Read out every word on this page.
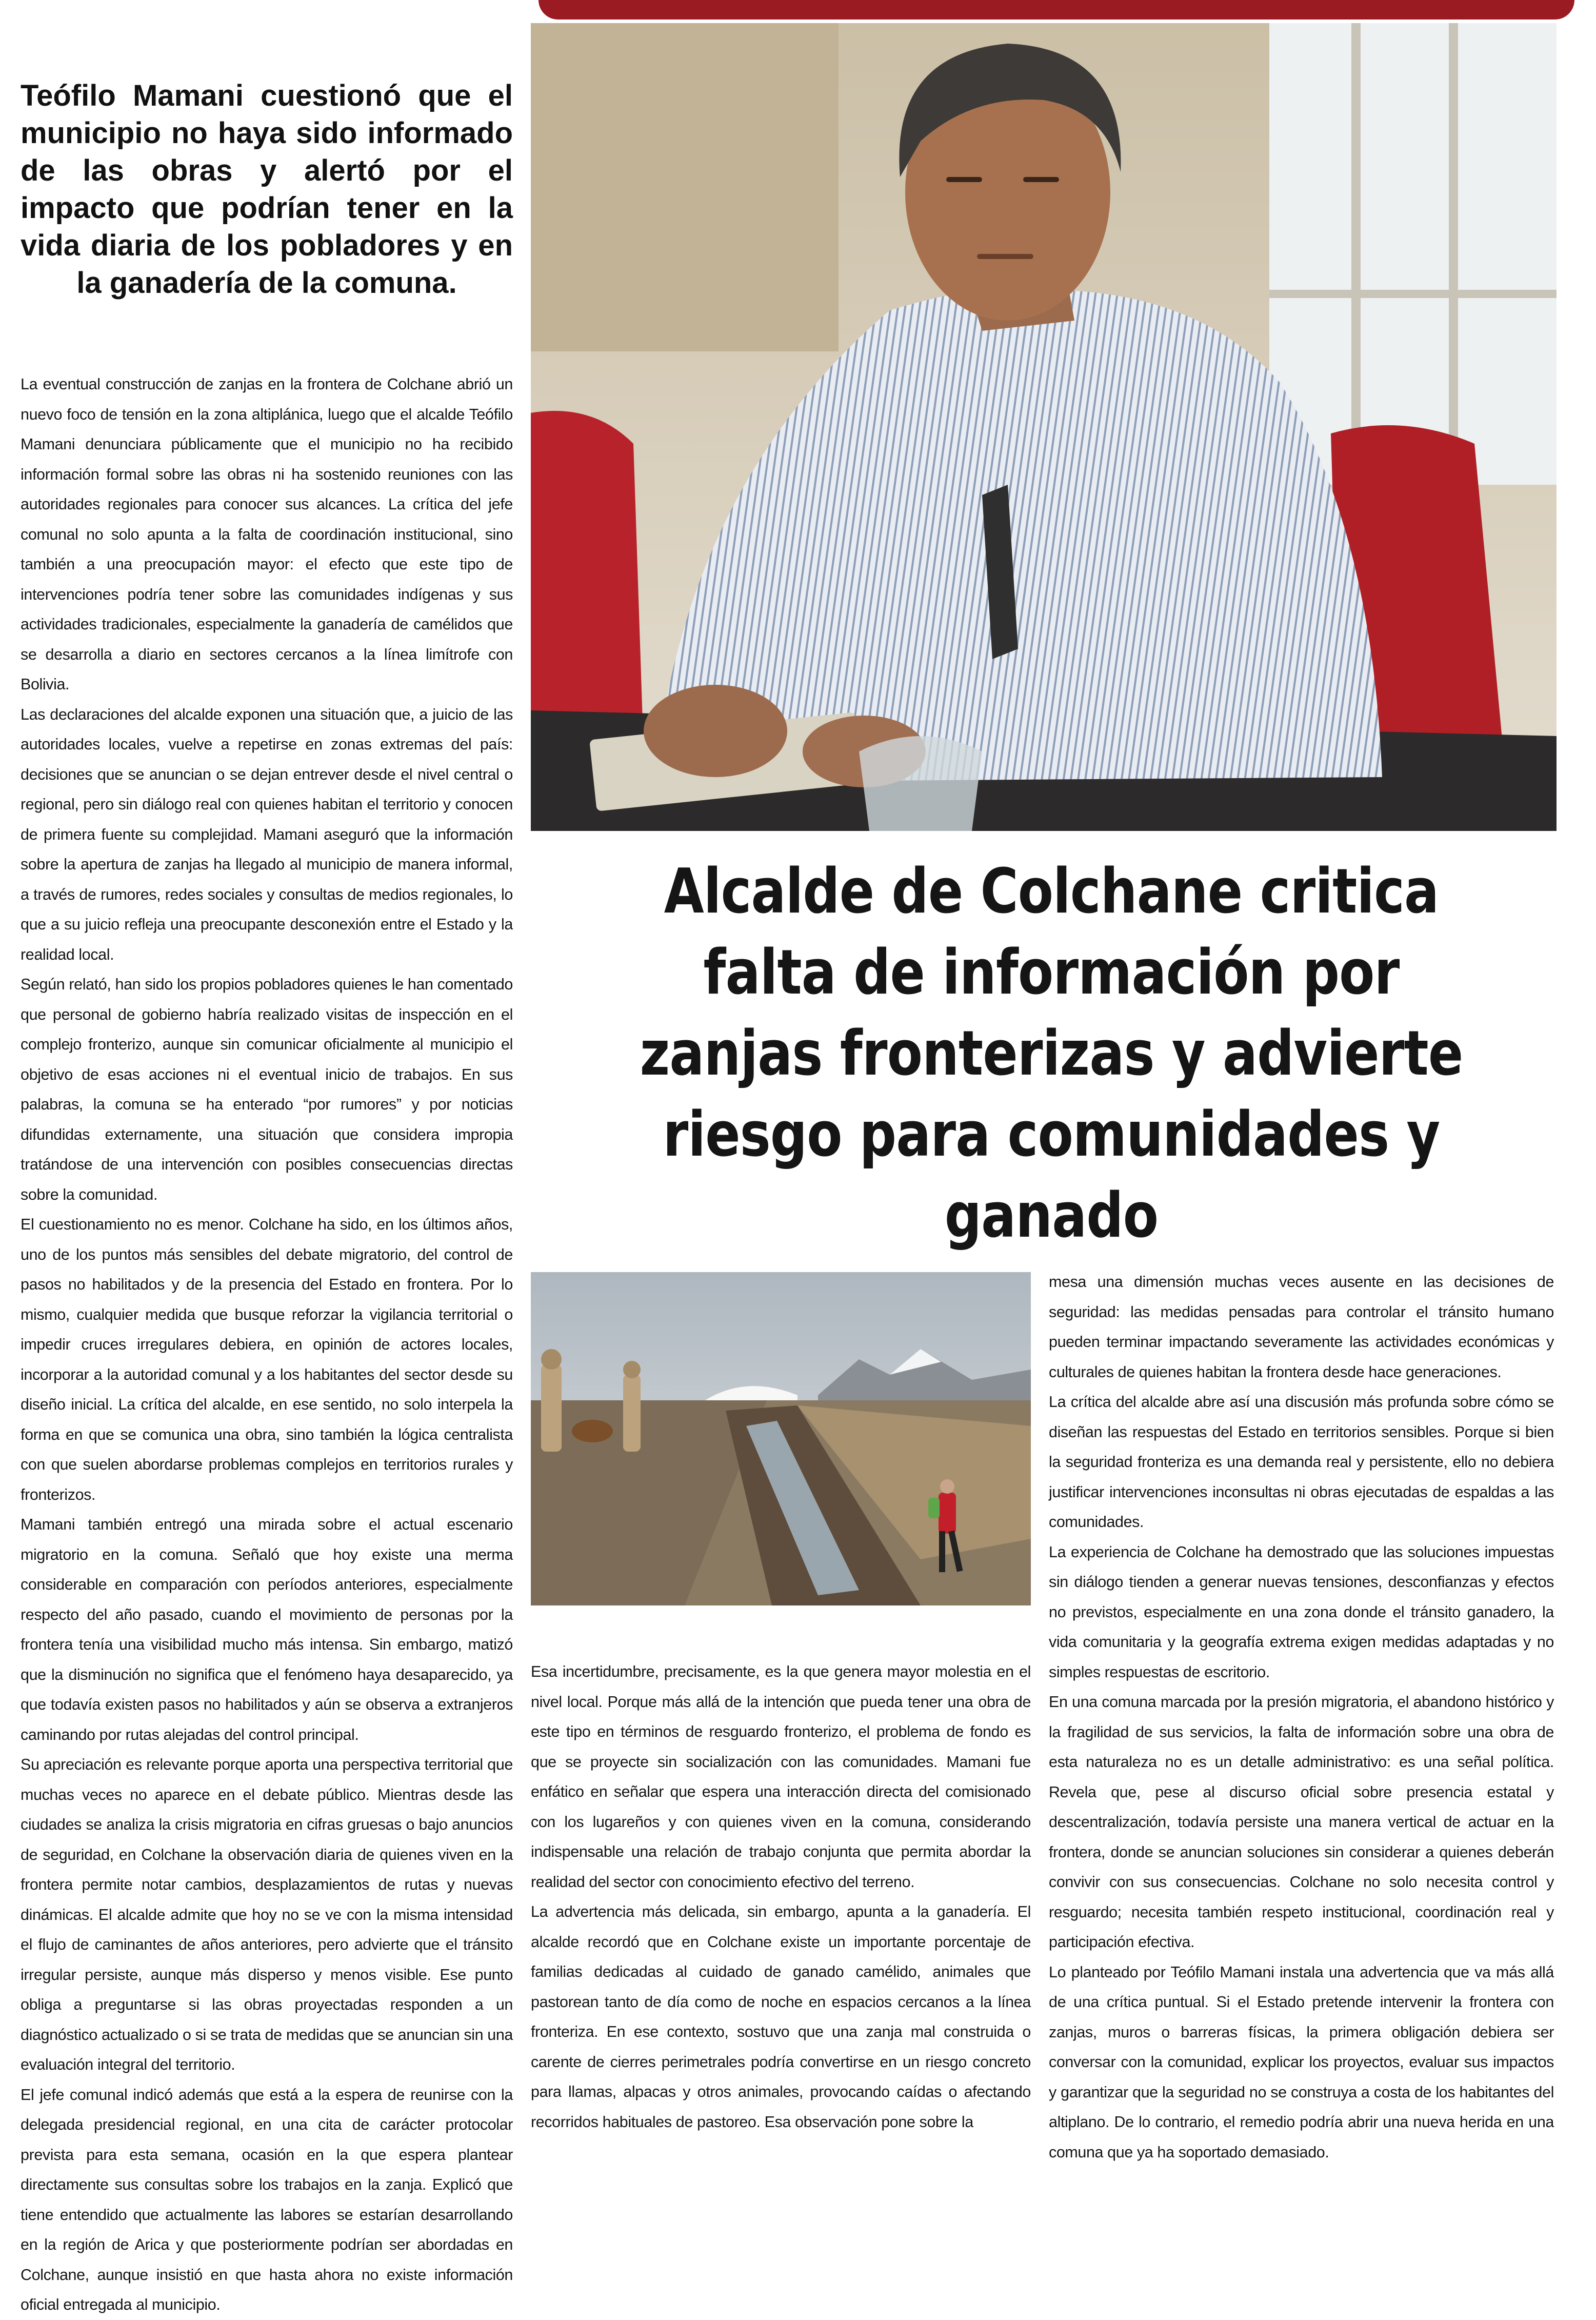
Teófilo Mamani cuestionó que el municipio no haya sido informado de las obras y alertó por el impacto que podrían tener en la vida diaria de los pobladores y en la ganadería de la comuna.
Alcalde de Colchane critica falta de información por zanjas fronterizas y advierte riesgo para comunidades y ganado

La eventual construcción de zanjas en la frontera de Colchane abrió un nuevo foco de tensión en la zona altiplánica, luego que el alcalde Teófilo Mamani denunciara públicamente que el municipio no ha recibido información formal sobre las obras ni ha sostenido reuniones con las autoridades regionales para conocer sus alcances. La crítica del jefe comunal no solo apunta a la falta de coordinación institucional, sino también a una preocupación mayor: el efecto que este tipo de intervenciones podría tener sobre las comunidades indígenas y sus actividades tradicionales, especialmente la ganadería de camélidos que se desarrolla a diario en sectores cercanos a la línea limítrofe con Bolivia.

Las declaraciones del alcalde exponen una situación que, a juicio de las autoridades locales, vuelve a repetirse en zonas extremas del país: decisiones que se anuncian o se dejan entrever desde el nivel central o regional, pero sin diálogo real con quienes habitan el territorio y conocen de primera fuente su complejidad. Mamani aseguró que la información sobre la apertura de zanjas ha llegado al municipio de manera informal, a través de rumores, redes sociales y consultas de medios regionales, lo que a su juicio refleja una preocupante desconexión entre el Estado y la realidad local.

Según relató, han sido los propios pobladores quienes le han comentado que personal de gobierno habría realizado visitas de inspección en el complejo fronterizo, aunque sin comunicar oficialmente al municipio el objetivo de esas acciones ni el eventual inicio de trabajos. En sus palabras, la comuna se ha enterado “por rumores” y por noticias difundidas externamente, una situación que considera impropia tratándose de una intervención con posibles consecuencias directas sobre la comunidad.

El cuestionamiento no es menor. Colchane ha sido, en los últimos años, uno de los puntos más sensibles del debate migratorio, del control de pasos no habilitados y de la presencia del Estado en frontera. Por lo mismo, cualquier medida que busque reforzar la vigilancia territorial o impedir cruces irregulares debiera, en opinión de actores locales, incorporar a la autoridad comunal y a los habitantes del sector desde su diseño inicial. La crítica del alcalde, en ese sentido, no solo interpela la forma en que se comunica una obra, sino también la lógica centralista con que suelen abordarse problemas complejos en territorios rurales y fronterizos.

Mamani también entregó una mirada sobre el actual escenario migratorio en la comuna. Señaló que hoy existe una merma considerable en comparación con períodos anteriores, especialmente respecto del año pasado, cuando el movimiento de personas por la frontera tenía una visibilidad mucho más intensa. Sin embargo, matizó que la disminución no significa que el fenómeno haya desaparecido, ya que todavía existen pasos no habilitados y aún se observa a extranjeros caminando por rutas alejadas del control principal.

Su apreciación es relevante porque aporta una perspectiva territorial que muchas veces no aparece en el debate público. Mientras desde las ciudades se analiza la crisis migratoria en cifras gruesas o bajo anuncios de seguridad, en Colchane la observación diaria de quienes viven en la frontera permite notar cambios, desplazamientos de rutas y nuevas dinámicas. El alcalde admite que hoy no se ve con la misma intensidad el flujo de caminantes de años anteriores, pero advierte que el tránsito irregular persiste, aunque más disperso y menos visible. Ese punto obliga a preguntarse si las obras proyectadas responden a un diagnóstico actualizado o si se trata de medidas que se anuncian sin una evaluación integral del territorio.

El jefe comunal indicó además que está a la espera de reunirse con la delegada presidencial regional, en una cita de carácter protocolar prevista para esta semana, ocasión en la que espera plantear directamente sus consultas sobre los trabajos en la zanja. Explicó que tiene entendido que actualmente las labores se estarían desarrollando en la región de Arica y que posteriormente podrían ser abordadas en Colchane, aunque insistió en que hasta ahora no existe información oficial entregada al municipio.

Esa incertidumbre, precisamente, es la que genera mayor molestia en el nivel local. Porque más allá de la intención que pueda tener una obra de este tipo en términos de resguardo fronterizo, el problema de fondo es que se proyecte sin socialización con las comunidades. Mamani fue enfático en señalar que espera una interacción directa del comisionado con los lugareños y con quienes viven en la comuna, considerando indispensable una relación de trabajo conjunta que permita abordar la realidad del sector con conocimiento efectivo del terreno.

La advertencia más delicada, sin embargo, apunta a la ganadería. El alcalde recordó que en Colchane existe un importante porcentaje de familias dedicadas al cuidado de ganado camélido, animales que pastorean tanto de día como de noche en espacios cercanos a la línea fronteriza. En ese contexto, sostuvo que una zanja mal construida o carente de cierres perimetrales podría convertirse en un riesgo concreto para llamas, alpacas y otros animales, provocando caídas o afectando recorridos habituales de pastoreo. Esa observación pone sobre la

mesa una dimensión muchas veces ausente en las decisiones de seguridad: las medidas pensadas para controlar el tránsito humano pueden terminar impactando severamente las actividades económicas y culturales de quienes habitan la frontera desde hace generaciones.

La crítica del alcalde abre así una discusión más profunda sobre cómo se diseñan las respuestas del Estado en territorios sensibles. Porque si bien la seguridad fronteriza es una demanda real y persistente, ello no debiera justificar intervenciones inconsultas ni obras ejecutadas de espaldas a las comunidades.

La experiencia de Colchane ha demostrado que las soluciones impuestas sin diálogo tienden a generar nuevas tensiones, desconfianzas y efectos no previstos, especialmente en una zona donde el tránsito ganadero, la vida comunitaria y la geografía extrema exigen medidas adaptadas y no simples respuestas de escritorio.

En una comuna marcada por la presión migratoria, el abandono histórico y la fragilidad de sus servicios, la falta de información sobre una obra de esta naturaleza no es un detalle administrativo: es una señal política. Revela que, pese al discurso oficial sobre presencia estatal y descentralización, todavía persiste una manera vertical de actuar en la frontera, donde se anuncian soluciones sin considerar a quienes deberán convivir con sus consecuencias. Colchane no solo necesita control y resguardo; necesita también respeto institucional, coordinación real y participación efectiva.

Lo planteado por Teófilo Mamani instala una advertencia que va más allá de una crítica puntual. Si el Estado pretende intervenir la frontera con zanjas, muros o barreras físicas, la primera obligación debiera ser conversar con la comunidad, explicar los proyectos, evaluar sus impactos y garantizar que la seguridad no se construya a costa de los habitantes del altiplano. De lo contrario, el remedio podría abrir una nueva herida en una comuna que ya ha soportado demasiado.
